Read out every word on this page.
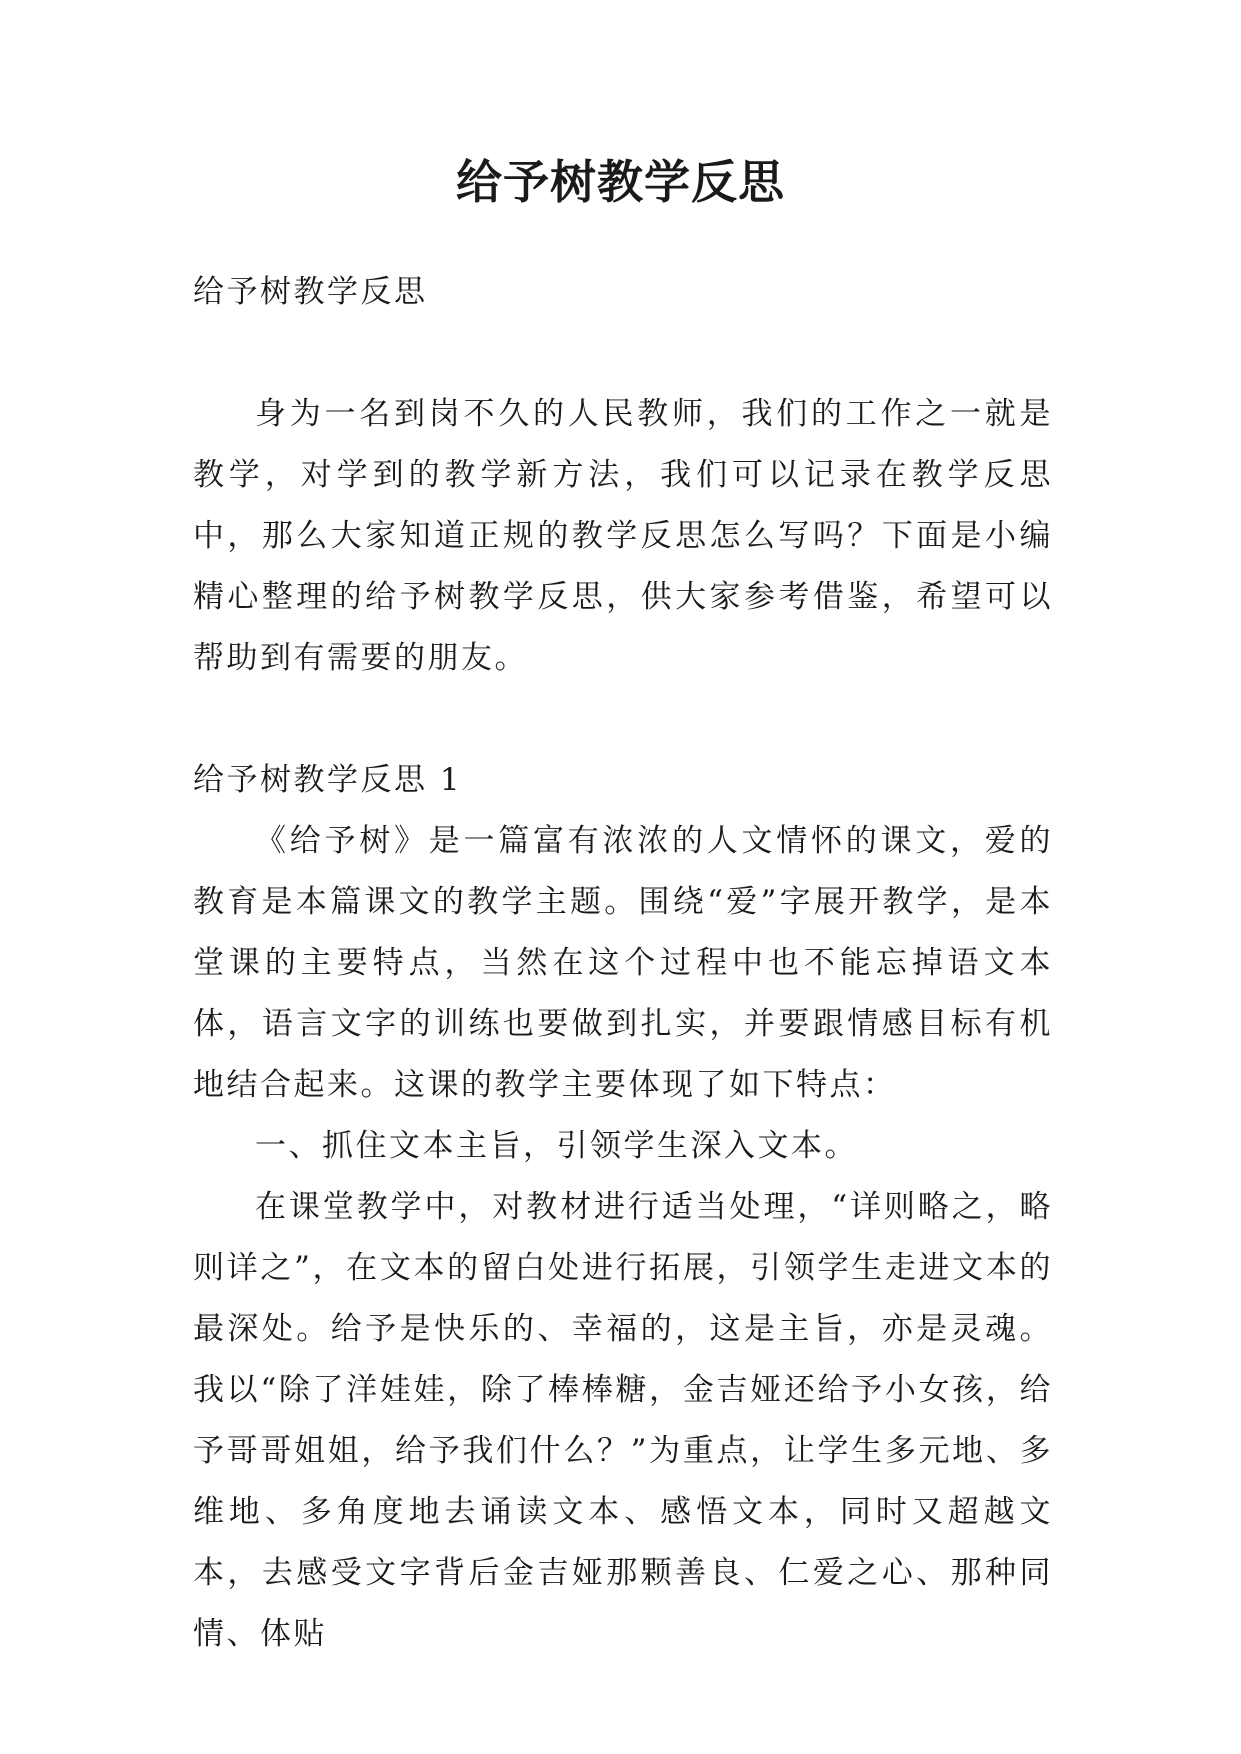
给予树教学反思

给予树教学反思

身为一名到岗不久的人民教师，我们的工作之一就是教学，对学到的教学新方法，我们可以记录在教学反思中，那么大家知道正规的教学反思怎么写吗？下面是小编精心整理的给予树教学反思，供大家参考借鉴，希望可以帮助到有需要的朋友。

给予树教学反思 1

《给予树》是一篇富有浓浓的人文情怀的课文，爱的教育是本篇课文的教学主题。围绕“爱”字展开教学，是本堂课的主要特点，当然在这个过程中也不能忘掉语文本体，语言文字的训练也要做到扎实，并要跟情感目标有机地结合起来。这课的教学主要体现了如下特点：

一、抓住文本主旨，引领学生深入文本。

在课堂教学中，对教材进行适当处理，“详则略之，略则详之”，在文本的留白处进行拓展，引领学生走进文本的最深处。给予是快乐的、幸福的，这是主旨，亦是灵魂。我以“除了洋娃娃，除了棒棒糖，金吉娅还给予小女孩，给予哥哥姐姐，给予我们什么？”为重点，让学生多元地、多维地、多角度地去诵读文本、感悟文本，同时又超越文本，去感受文字背后金吉娅那颗善良、仁爱之心、那种同情、体贴
